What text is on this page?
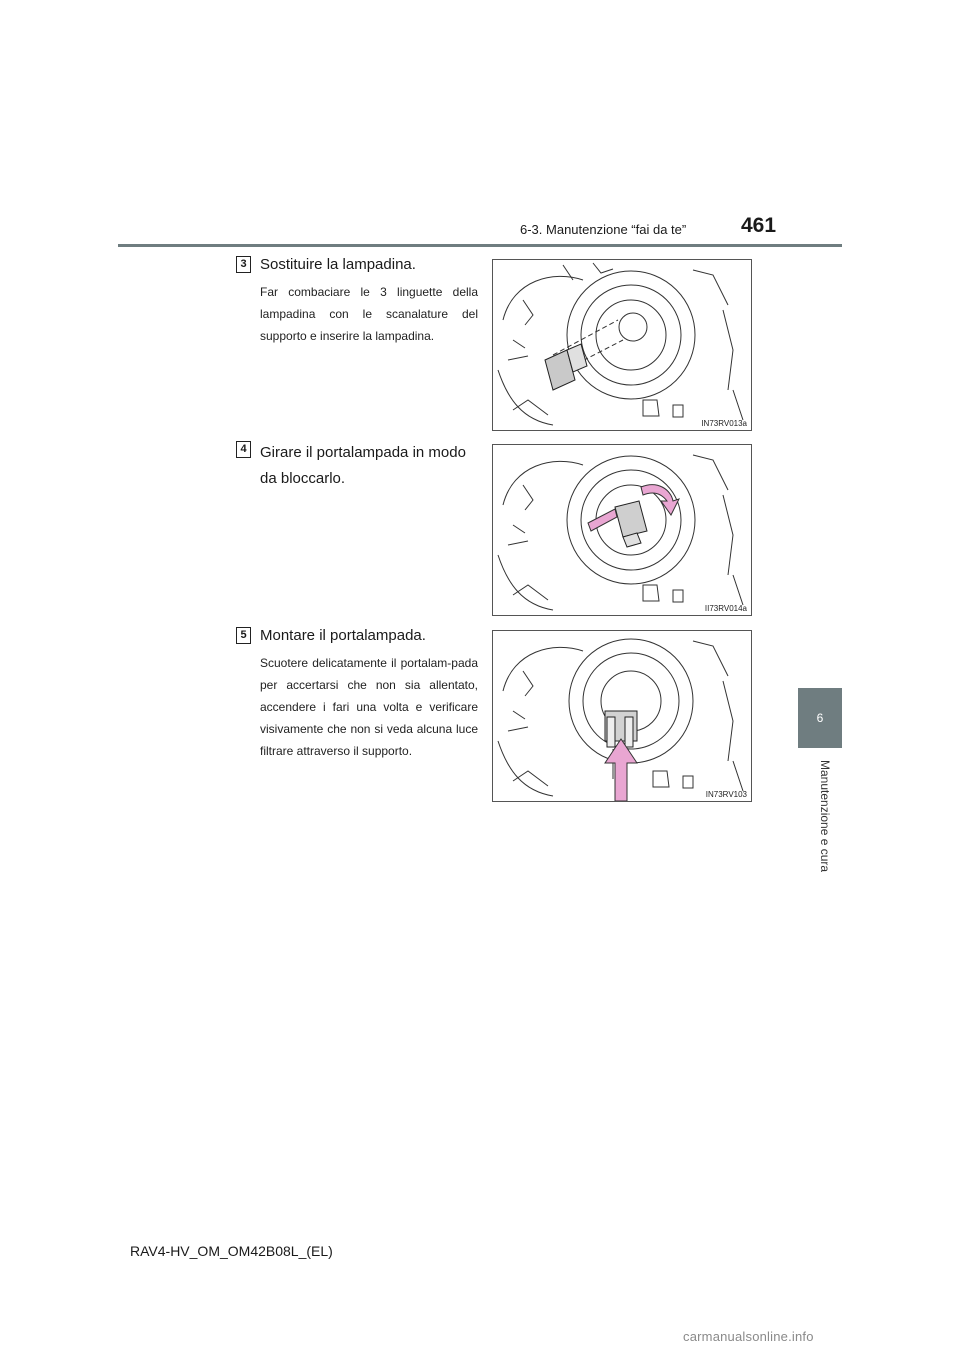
6-3. Manutenzione “fai da te”	461
6
Manutenzione e cura
3 Sostituire la lampadina.
Far combaciare le 3 linguette della lampadina con le scanalature del supporto e inserire la lampadina.
IN73RV013a
4 Girare il portalampada in modo da bloccarlo.
II73RV014a
5 Montare il portalampada.
Scuotere delicatamente il portalam-pada per accertarsi che non sia allentato, accendere i fari una volta e verificare visivamente che non si veda alcuna luce filtrare attraverso il supporto.
IN73RV103
RAV4-HV_OM_OM42B08L_(EL)
carmanualsonline.info
